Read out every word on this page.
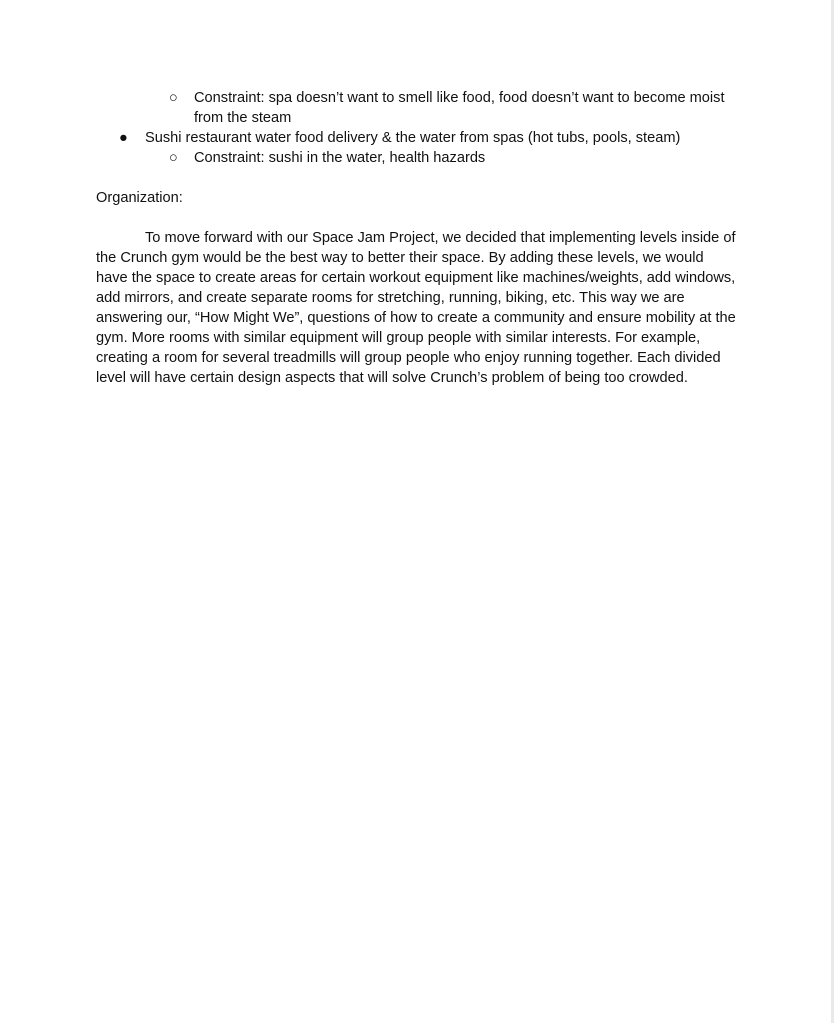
○ Constraint: spa doesn’t want to smell like food, food doesn’t want to become moist from the steam
● Sushi restaurant water food delivery & the water from spas (hot tubs, pools, steam)
○ Constraint: sushi in the water, health hazards
Organization:

To move forward with our Space Jam Project, we decided that implementing levels inside of the Crunch gym would be the best way to better their space. By adding these levels, we would have the space to create areas for certain workout equipment like machines/weights, add windows, add mirrors, and create separate rooms for stretching, running, biking, etc. This way we are answering our, “How Might We”, questions of how to create a community and ensure mobility at the gym. More rooms with similar equipment will group people with similar interests. For example, creating a room for several treadmills will group people who enjoy running together. Each divided level will have certain design aspects that will solve Crunch’s problem of being too crowded.
